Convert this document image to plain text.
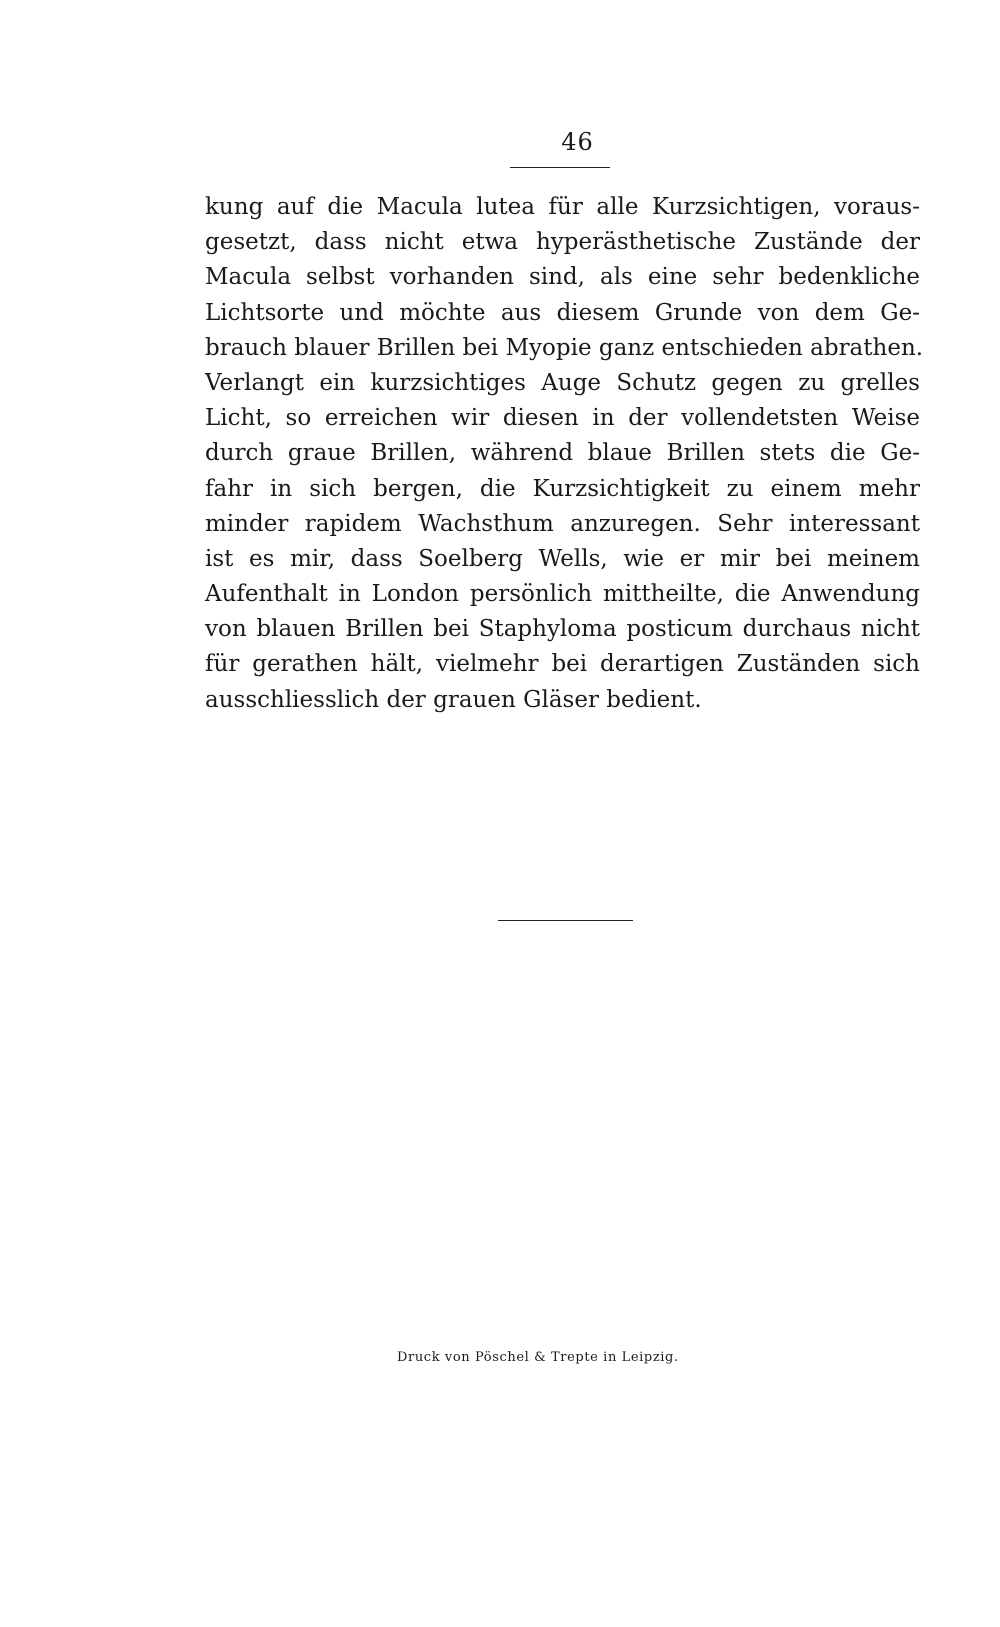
46
kung auf die Macula lutea für alle Kurzsichtigen, voraus-
gesetzt, dass nicht etwa hyperästhetische Zustände der
Macula selbst vorhanden sind, als eine sehr bedenkliche
Lichtsorte und möchte aus diesem Grunde von dem Ge-
brauch blauer Brillen bei Myopie ganz entschieden abrathen.
Verlangt ein kurzsichtiges Auge Schutz gegen zu grelles
Licht, so erreichen wir diesen in der vollendetsten Weise
durch graue Brillen, während blaue Brillen stets die Ge-
fahr in sich bergen, die Kurzsichtigkeit zu einem mehr
minder rapidem Wachsthum anzuregen. Sehr interessant
ist es mir, dass Soelberg Wells, wie er mir bei meinem
Aufenthalt in London persönlich mittheilte, die Anwendung
von blauen Brillen bei Staphyloma posticum durchaus nicht
für gerathen hält, vielmehr bei derartigen Zuständen sich
ausschliesslich der grauen Gläser bedient.
Druck von Pöschel & Trepte in Leipzig.
